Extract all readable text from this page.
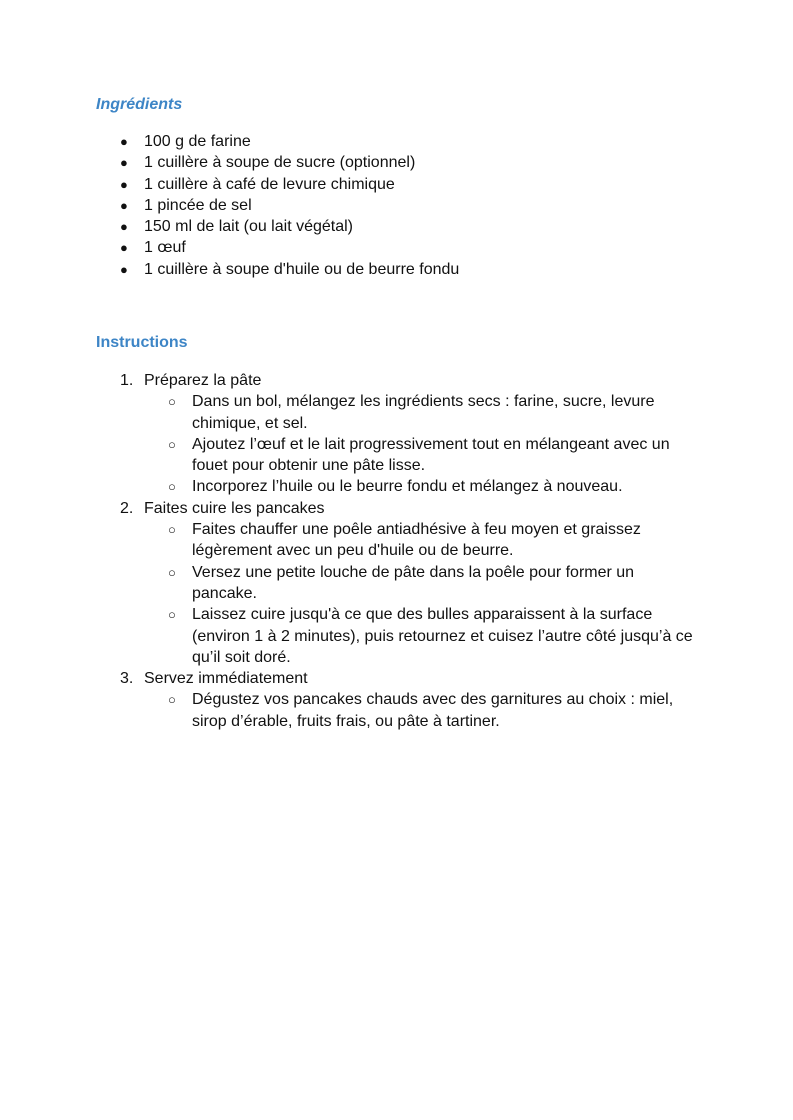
Ingrédients
● 100 g de farine
● 1 cuillère à soupe de sucre (optionnel)
● 1 cuillère à café de levure chimique
● 1 pincée de sel
● 150 ml de lait (ou lait végétal)
● 1 œuf
● 1 cuillère à soupe d'huile ou de beurre fondu
Instructions
1. Préparez la pâte
○ Dans un bol, mélangez les ingrédients secs : farine, sucre, levure chimique, et sel.
○ Ajoutez l’œuf et le lait progressivement tout en mélangeant avec un fouet pour obtenir une pâte lisse.
○ Incorporez l’huile ou le beurre fondu et mélangez à nouveau.
2. Faites cuire les pancakes
○ Faites chauffer une poêle antiadhésive à feu moyen et graissez légèrement avec un peu d'huile ou de beurre.
○ Versez une petite louche de pâte dans la poêle pour former un pancake.
○ Laissez cuire jusqu'à ce que des bulles apparaissent à la surface (environ 1 à 2 minutes), puis retournez et cuisez l’autre côté jusqu’à ce qu’il soit doré.
3. Servez immédiatement
○ Dégustez vos pancakes chauds avec des garnitures au choix : miel, sirop d’érable, fruits frais, ou pâte à tartiner.
